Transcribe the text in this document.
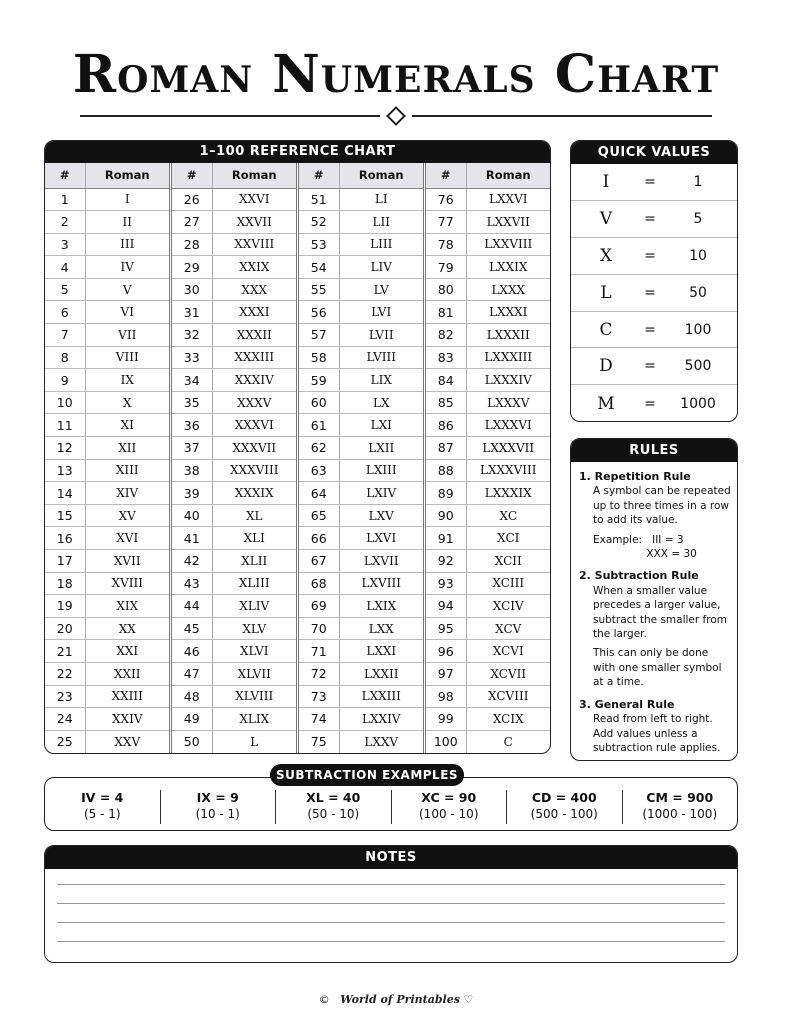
Roman Numerals Chart
1–100 REFERENCE CHART
#	Roman
1	I
2	II
3	III
4	IV
5	V
6	VI
7	VII
8	VIII
9	IX
10	X
11	XI
12	XII
13	XIII
14	XIV
15	XV
16	XVI
17	XVII
18	XVIII
19	XIX
20	XX
21	XXI
22	XXII
23	XXIII
24	XXIV
25	XXV
#	Roman
26	XXVI
27	XXVII
28	XXVIII
29	XXIX
30	XXX
31	XXXI
32	XXXII
33	XXXIII
34	XXXIV
35	XXXV
36	XXXVI
37	XXXVII
38	XXXVIII
39	XXXIX
40	XL
41	XLI
42	XLII
43	XLIII
44	XLIV
45	XLV
46	XLVI
47	XLVII
48	XLVIII
49	XLIX
50	L
#	Roman
51	LI
52	LII
53	LIII
54	LIV
55	LV
56	LVI
57	LVII
58	LVIII
59	LIX
60	LX
61	LXI
62	LXII
63	LXIII
64	LXIV
65	LXV
66	LXVI
67	LXVII
68	LXVIII
69	LXIX
70	LXX
71	LXXI
72	LXXII
73	LXXIII
74	LXXIV
75	LXXV
#	Roman
76	LXXVI
77	LXXVII
78	LXXVIII
79	LXXIX
80	LXXX
81	LXXXI
82	LXXXII
83	LXXXIII
84	LXXXIV
85	LXXXV
86	LXXXVI
87	LXXXVII
88	LXXXVIII
89	LXXXIX
90	XC
91	XCI
92	XCII
93	XCIII
94	XCIV
95	XCV
96	XCVI
97	XCVII
98	XCVIII
99	XCIX
100	C
QUICK VALUES
I	=	1
V	=	5
X	=	10
L	=	50
C	=	100
D	=	500
M	=	1000
RULES
1. Repetition Rule
A symbol can be repeated up to three times in a row to add its value.
Example:   III = 3
XXX = 30
2. Subtraction Rule
When a smaller value precedes a larger value, subtract the smaller from the larger.
This can only be done with one smaller symbol at a time.
3. General Rule
Read from left to right. Add values unless a subtraction rule applies.
IV = 4
(5 - 1)
IX = 9
(10 - 1)
XL = 40
(50 - 10)
XC = 90
(100 - 10)
CD = 400
(500 - 100)
CM = 900
(1000 - 100)
SUBTRACTION EXAMPLES
NOTES
© World of Printables ♡
